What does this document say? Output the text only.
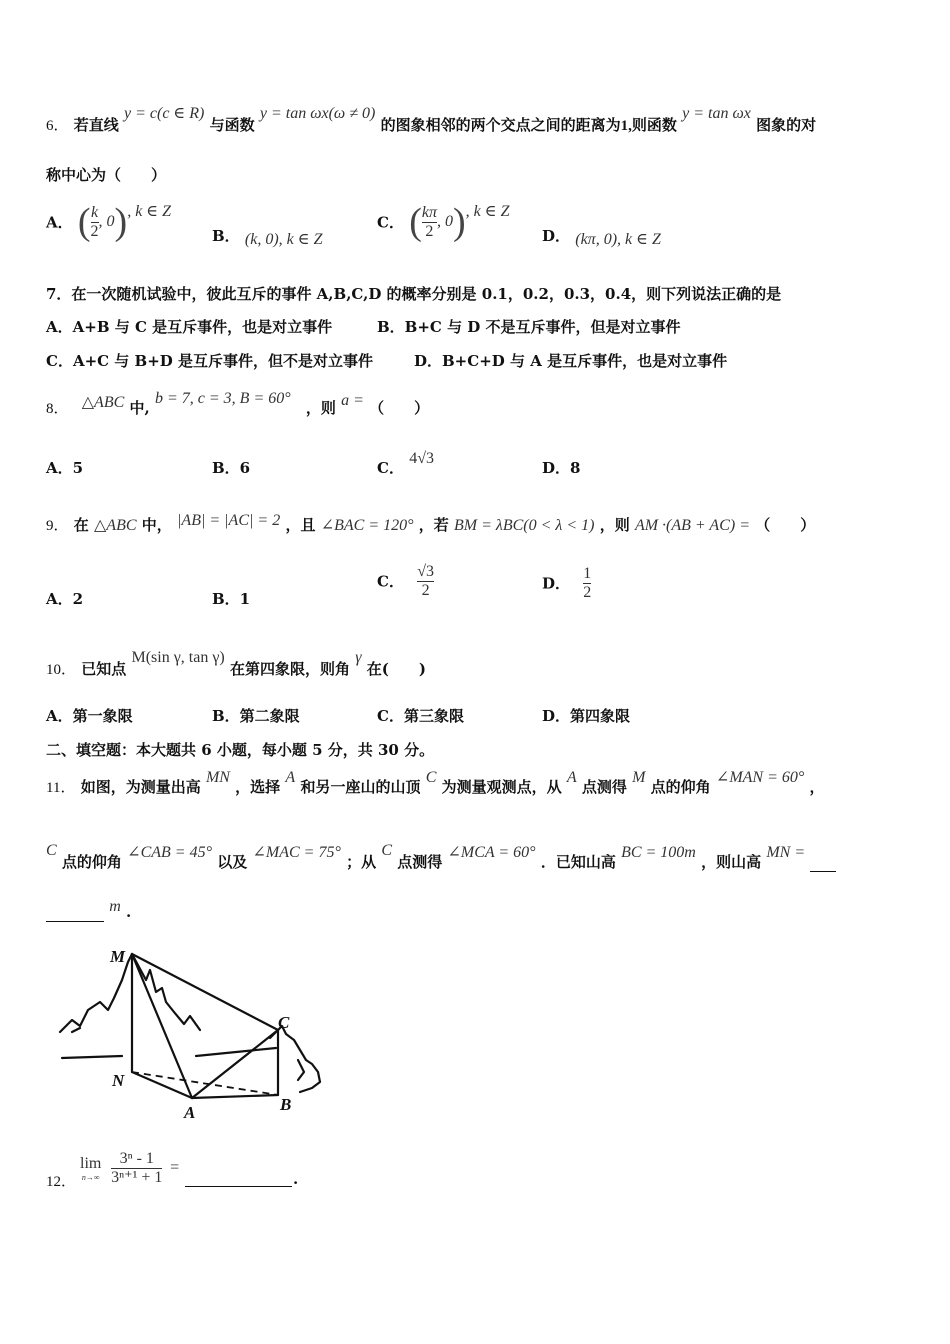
6． 若直线 y = c(c ∈ R) 与函数 y = tan ωx(ω ≠ 0) 的图象相邻的两个交点之间的距离为1,则函数 y = tan ωx 图象的对
称中心为（　　）
A． ( $\frac{k}{2}$ , 0), k ∈ Z
B． (k, 0), k ∈ Z
C． ( $\frac{k\pi}{2}$ , 0), k ∈ Z
D． (kπ, 0), k ∈ Z
7．在一次随机试验中，彼此互斥的事件 A,B,C,D 的概率分别是 0.1，0.2，0.3，0.4，则下列说法正确的是
A．A+B 与 C 是互斥事件，也是对立事件	B．B+C 与 D 不是互斥事件，但是对立事件
C．A+C 与 B+D 是互斥事件，但不是对立事件	D．B+C+D 与 A 是互斥事件，也是对立事件
8． △ABC 中, b = 7, c = 3, B = 60° ，则 a = （　　）
A．5	B．6	C． 4√3
D．8
9． 在 △ABC 中， |AB| = |AC| = 2 ，且 ∠BAC = 120° ，若 BM = λBC(0 < λ < 1) ，则 AM ·(AB + AC) = （　　）
A．2	B．1
C． $\frac{√3}{2}$	D． $\frac{1}{2}$
10． 已知点 M(sin γ, tan γ) 在第四象限，则角 γ 在(　　)
A．第一象限	B．第二象限	C．第三象限	D．第四象限
二、填空题：本大题共 6 小题，每小题 5 分，共 30 分。
11． 如图，为测量出高 MN ，选择 A 和另一座山的山顶 C 为测量观测点，从 A 点测得 M 点的仰角 ∠MAN = 60° ，
C 点的仰角 ∠CAB = 45° 以及 ∠MAC = 75° ；从 C 点测得 ∠MCA = 60° ．已知山高 BC = 100m ，则山高 MN =
m .
M
N
A	B
C
12．
lim
n→∞
$\frac{\text{3ⁿ - 1}}{\text{3ⁿ⁺¹ + 1}}$ =
.
